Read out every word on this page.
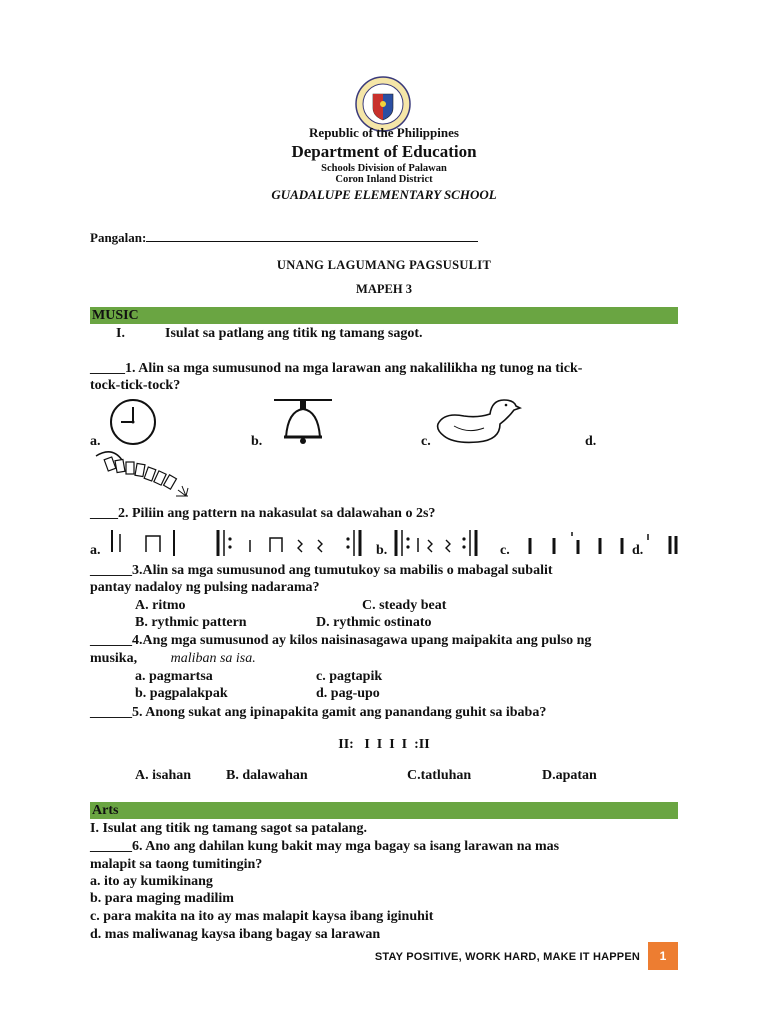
Republic of the Philippines
Department of Education
Schools Division of Palawan
Coron Inland District
GUADALUPE ELEMENTARY SCHOOL
Pangalan:
UNANG LAGUMANG PAGSUSULIT
MAPEH 3
MUSIC
I.	Isulat sa patlang ang titik ng tamang sagot.
_____1. Alin sa mga sumusunod na mga larawan ang nakalilikha ng tunog na tick-
tock-tick-tock?
a.	b.	c.	d.
____2. Piliin ang pattern na nakasulat sa dalawahan o 2s?
a.	b.	c.	d.
______3.Alin sa mga sumusunod ang tumutukoy sa mabilis o mabagal subalit
pantay nadaloy ng pulsing nadarama?
A. ritmo	C. steady beat
B. rythmic pattern	D. rythmic ostinato
______4.Ang mga sumusunod ay kilos naisinasagawa upang maipakita ang pulso ng
musika, maliban sa isa.
a. pagmartsa	c. pagtapik
b. pagpalakpak	d. pag-upo
______5. Anong sukat ang ipinapakita gamit ang panandang guhit sa ibaba?
II:   I  I  I  I  :II
A. isahan B. dalawahan	C.tatluhan	D.apatan
Arts
I. Isulat ang titik ng tamang sagot sa patalang.
______6. Ano ang dahilan kung bakit may mga bagay sa isang larawan na mas
malapit sa taong tumitingin?
a. ito ay kumikinang
b. para maging madilim
c. para makita na ito ay mas malapit kaysa ibang iginuhit
d. mas maliwanag kaysa ibang bagay sa larawan
STAY POSITIVE, WORK HARD, MAKE IT HAPPEN	1
